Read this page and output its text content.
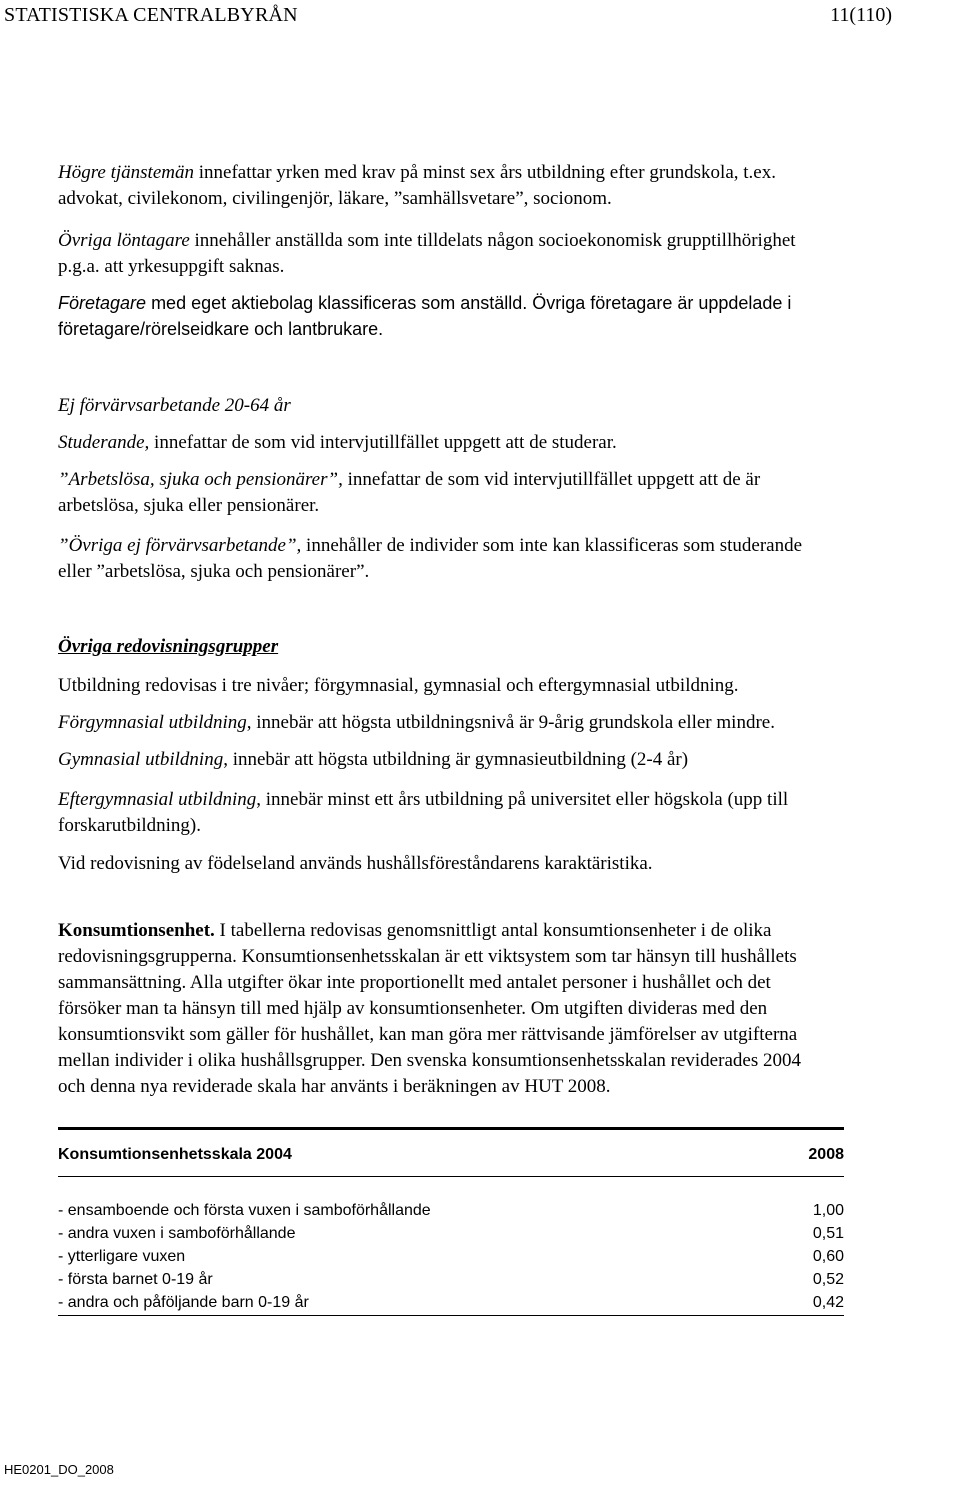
STATISTISKA CENTRALBYRÅN	11(110)

Högre tjänstemän innefattar yrken med krav på minst sex års utbildning efter grundskola, t.ex.
advokat, civilekonom, civilingenjör, läkare, ”samhällsvetare”, socionom.

Övriga löntagare innehåller anställda som inte tilldelats någon socioekonomisk grupptillhörighet
p.g.a. att yrkesuppgift saknas.

Företagare med eget aktiebolag klassificeras som anställd. Övriga företagare är uppdelade i
företagare/rörelseidkare och lantbrukare.

Ej förvärvsarbetande 20-64 år

Studerande, innefattar de som vid intervjutillfället uppgett att de studerar.

”Arbetslösa, sjuka och pensionärer”, innefattar de som vid intervjutillfället uppgett att de är
arbetslösa, sjuka eller pensionärer.

”Övriga ej förvärvsarbetande”, innehåller de individer som inte kan klassificeras som studerande
eller ”arbetslösa, sjuka och pensionärer”.

Övriga redovisningsgrupper

Utbildning redovisas i tre nivåer; förgymnasial, gymnasial och eftergymnasial utbildning.

Förgymnasial utbildning, innebär att högsta utbildningsnivå är 9-årig grundskola eller mindre.

Gymnasial utbildning, innebär att högsta utbildning är gymnasieutbildning (2-4 år)

Eftergymnasial utbildning, innebär minst ett års utbildning på universitet eller högskola (upp till
forskarutbildning).

Vid redovisning av födelseland används hushållsföreståndarens karaktäristika.

Konsumtionsenhet. I tabellerna redovisas genomsnittligt antal konsumtionsenheter i de olika
redovisningsgrupperna. Konsumtionsenhetsskalan är ett viktsystem som tar hänsyn till hushållets
sammansättning. Alla utgifter ökar inte proportionellt med antalet personer i hushållet och det
försöker man ta hänsyn till med hjälp av konsumtionsenheter. Om utgiften divideras med den
konsumtionsvikt som gäller för hushållet, kan man göra mer rättvisande jämförelser av utgifterna
mellan individer i olika hushållsgrupper. Den svenska konsumtionsenhetsskalan reviderades 2004
och denna nya reviderade skala har använts i beräkningen av HUT 2008.

Konsumtionsenhetsskala 2004	2008
- ensamboende och första vuxen i samboförhållande	1,00
- andra vuxen i samboförhållande	0,51
- ytterligare vuxen	0,60
- första barnet 0-19 år	0,52
- andra och påföljande barn 0-19 år	0,42
HE0201_DO_2008
